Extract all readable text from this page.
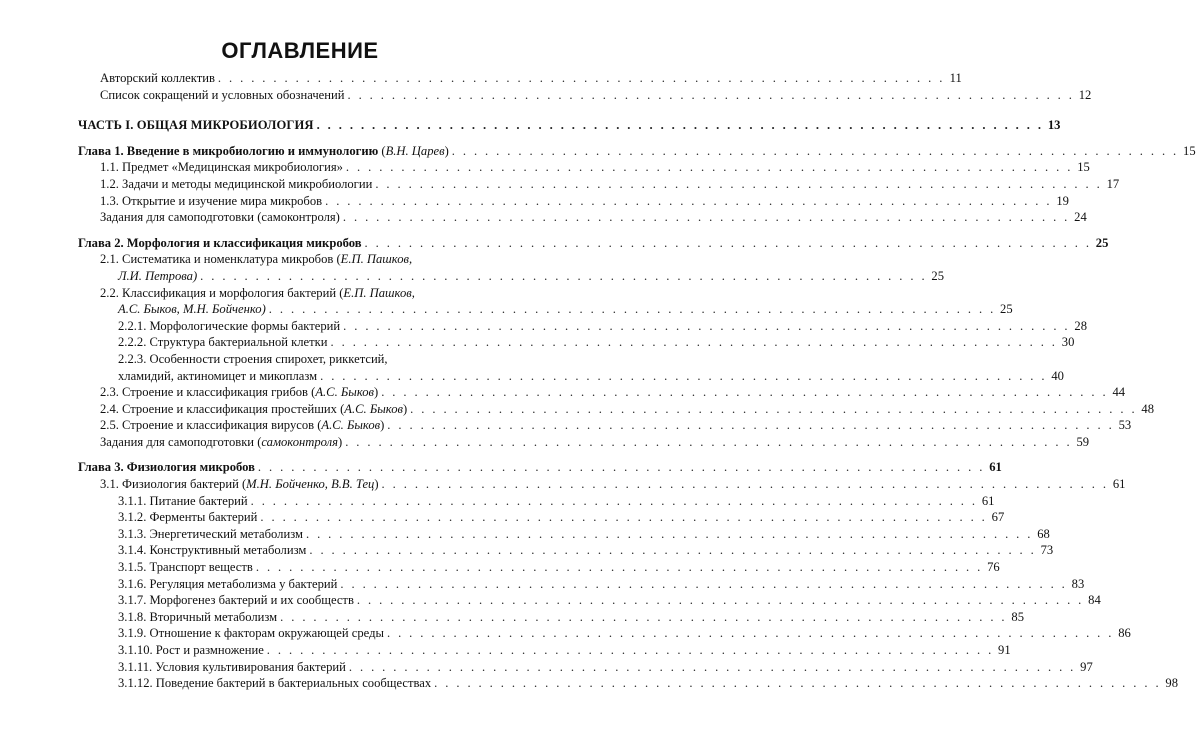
ОГЛАВЛЕНИЕ
Авторский коллектив . . . . . . . . . . . . . . . . . . . . . . . . . . . . . . . . . . . . . . . . . . . . . . . . . . . . . . . . . . . . . . . . . . 11
Список сокращений и условных обозначений . . . . . . . . . . . . . . . . . . . . . . . . . . . . . . . . . . . . . . . . . . . . . . . . . . . . . . . . . . . . . . . . . . 12
ЧАСТЬ I. ОБЩАЯ МИКРОБИОЛОГИЯ . . . . . . . . . . . . . . . . . . . . . . . . . . . . . . . . . . . . . . . . . . . . . . . . . . . . . . . . . . . . . . . . . . 13
Глава 1. Введение в микробиологию и иммунологию (В.Н. Царев) . . . . . . . . . . . . . . . . . . . . . . . . . . . . . . . . . . . . . . . . . . . . . . . . . . . . . . . . . . . . . . . . . . 15
1.1. Предмет «Медицинская микробиология» . . . . . . . . . . . . . . . . . . . . . . . . . . . . . . . . . . . . . . . . . . . . . . . . . . . . . . . . . . . . . . . . . . 15
1.2. Задачи и методы медицинской микробиологии . . . . . . . . . . . . . . . . . . . . . . . . . . . . . . . . . . . . . . . . . . . . . . . . . . . . . . . . . . . . . . . . . . 17
1.3. Открытие и изучение мира микробов . . . . . . . . . . . . . . . . . . . . . . . . . . . . . . . . . . . . . . . . . . . . . . . . . . . . . . . . . . . . . . . . . . 19
Задания для самоподготовки (самоконтроля) . . . . . . . . . . . . . . . . . . . . . . . . . . . . . . . . . . . . . . . . . . . . . . . . . . . . . . . . . . . . . . . . . . 24
Глава 2. Морфология и классификация микробов . . . . . . . . . . . . . . . . . . . . . . . . . . . . . . . . . . . . . . . . . . . . . . . . . . . . . . . . . . . . . . . . . . 25
2.1. Систематика и номенклатура микробов (Е.П. Пашков,
Л.И. Петрова) . . . . . . . . . . . . . . . . . . . . . . . . . . . . . . . . . . . . . . . . . . . . . . . . . . . . . . . . . . . . . . . . . . 25
2.2. Классификация и морфология бактерий (Е.П. Пашков,
А.С. Быков, М.Н. Бойченко) . . . . . . . . . . . . . . . . . . . . . . . . . . . . . . . . . . . . . . . . . . . . . . . . . . . . . . . . . . . . . . . . . . 25
2.2.1. Морфологические формы бактерий . . . . . . . . . . . . . . . . . . . . . . . . . . . . . . . . . . . . . . . . . . . . . . . . . . . . . . . . . . . . . . . . . . 28
2.2.2. Структура бактериальной клетки . . . . . . . . . . . . . . . . . . . . . . . . . . . . . . . . . . . . . . . . . . . . . . . . . . . . . . . . . . . . . . . . . . 30
2.2.3. Особенности строения спирохет, риккетсий,
хламидий, актиномицет и микоплазм . . . . . . . . . . . . . . . . . . . . . . . . . . . . . . . . . . . . . . . . . . . . . . . . . . . . . . . . . . . . . . . . . . 40
2.3. Строение и классификация грибов (А.С. Быков) . . . . . . . . . . . . . . . . . . . . . . . . . . . . . . . . . . . . . . . . . . . . . . . . . . . . . . . . . . . . . . . . . . 44
2.4. Строение и классификация простейших (А.С. Быков) . . . . . . . . . . . . . . . . . . . . . . . . . . . . . . . . . . . . . . . . . . . . . . . . . . . . . . . . . . . . . . . . . . 48
2.5. Строение и классификация вирусов (А.С. Быков) . . . . . . . . . . . . . . . . . . . . . . . . . . . . . . . . . . . . . . . . . . . . . . . . . . . . . . . . . . . . . . . . . . 53
Задания для самоподготовки (самоконтроля) . . . . . . . . . . . . . . . . . . . . . . . . . . . . . . . . . . . . . . . . . . . . . . . . . . . . . . . . . . . . . . . . . . 59
Глава 3. Физиология микробов . . . . . . . . . . . . . . . . . . . . . . . . . . . . . . . . . . . . . . . . . . . . . . . . . . . . . . . . . . . . . . . . . . 61
3.1. Физиология бактерий (М.Н. Бойченко, В.В. Тец) . . . . . . . . . . . . . . . . . . . . . . . . . . . . . . . . . . . . . . . . . . . . . . . . . . . . . . . . . . . . . . . . . . 61
3.1.1. Питание бактерий . . . . . . . . . . . . . . . . . . . . . . . . . . . . . . . . . . . . . . . . . . . . . . . . . . . . . . . . . . . . . . . . . . 61
3.1.2. Ферменты бактерий . . . . . . . . . . . . . . . . . . . . . . . . . . . . . . . . . . . . . . . . . . . . . . . . . . . . . . . . . . . . . . . . . . 67
3.1.3. Энергетический метаболизм . . . . . . . . . . . . . . . . . . . . . . . . . . . . . . . . . . . . . . . . . . . . . . . . . . . . . . . . . . . . . . . . . . 68
3.1.4. Конструктивный метаболизм . . . . . . . . . . . . . . . . . . . . . . . . . . . . . . . . . . . . . . . . . . . . . . . . . . . . . . . . . . . . . . . . . . 73
3.1.5. Транспорт веществ . . . . . . . . . . . . . . . . . . . . . . . . . . . . . . . . . . . . . . . . . . . . . . . . . . . . . . . . . . . . . . . . . . 76
3.1.6. Регуляция метаболизма у бактерий . . . . . . . . . . . . . . . . . . . . . . . . . . . . . . . . . . . . . . . . . . . . . . . . . . . . . . . . . . . . . . . . . . 83
3.1.7. Морфогенез бактерий и их сообществ . . . . . . . . . . . . . . . . . . . . . . . . . . . . . . . . . . . . . . . . . . . . . . . . . . . . . . . . . . . . . . . . . . 84
3.1.8. Вторичный метаболизм . . . . . . . . . . . . . . . . . . . . . . . . . . . . . . . . . . . . . . . . . . . . . . . . . . . . . . . . . . . . . . . . . . 85
3.1.9. Отношение к факторам окружающей среды . . . . . . . . . . . . . . . . . . . . . . . . . . . . . . . . . . . . . . . . . . . . . . . . . . . . . . . . . . . . . . . . . . 86
3.1.10. Рост и размножение . . . . . . . . . . . . . . . . . . . . . . . . . . . . . . . . . . . . . . . . . . . . . . . . . . . . . . . . . . . . . . . . . . 91
3.1.11. Условия культивирования бактерий . . . . . . . . . . . . . . . . . . . . . . . . . . . . . . . . . . . . . . . . . . . . . . . . . . . . . . . . . . . . . . . . . . 97
3.1.12. Поведение бактерий в бактериальных сообществах . . . . . . . . . . . . . . . . . . . . . . . . . . . . . . . . . . . . . . . . . . . . . . . . . . . . . . . . . . . . . . . . . . 98
